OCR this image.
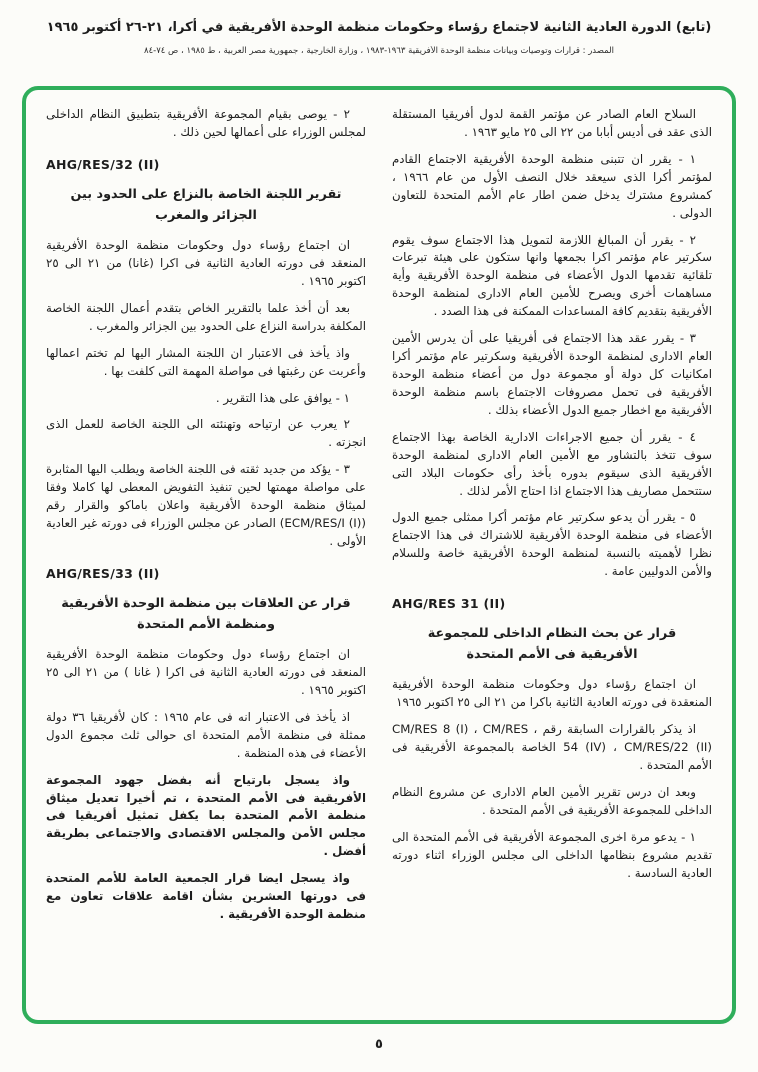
(تابع) الدورة العادية الثانية لاجتماع رؤساء وحكومات منظمة الوحدة الأفريقية في أكرا، ٢١-٢٦ أكتوبر ١٩٦٥
المصدر : قرارات وتوصيات وبيانات منظمة الوحدة الأفريقية ١٩٦٣-١٩٨٣ ، وزارة الخارجية ، جمهورية مصر العربية ، ط ١٩٨٥ ، ص ٧٤-٨٤

السلاح العام الصادر عن مؤتمر القمة لدول أفريقيا المستقلة الذى عقد فى أديس أبابا من ٢٢ الى ٢٥ مايو ١٩٦٣ .

١ - يقرر ان تتبنى منظمة الوحدة الأفريقية الاجتماع القادم لمؤتمر أكرا الذى سيعقد خلال النصف الأول من عام ١٩٦٦ ، كمشروع مشترك يدخل ضمن اطار عام الأمم المتحدة للتعاون الدولى .

٢ - يقرر أن المبالغ اللازمة لتمويل هذا الاجتماع سوف يقوم سكرتير عام مؤتمر اكرا بجمعها وانها ستكون على هيئة تبرعات تلقائية تقدمها الدول الأعضاء فى منظمة الوحدة الأفريقية وأية مساهمات أخرى ويصرح للأمين العام الادارى لمنظمة الوحدة الأفريقية بتقديم كافة المساعدات الممكنة فى هذا الصدد .

٣ - يقرر عقد هذا الاجتماع فى أفريقيا على أن يدرس الأمين العام الادارى لمنظمة الوحدة الأفريقية وسكرتير عام مؤتمر أكرا امكانيات كل دولة أو مجموعة دول من أعضاء منظمة الوحدة الأفريقية فى تحمل مصروفات الاجتماع باسم منظمة الوحدة الأفريقية مع اخطار جميع الدول الأعضاء بذلك .

٤ - يقرر أن جميع الاجراءات الادارية الخاصة بهذا الاجتماع سوف تتخذ بالتشاور مع الأمين العام الادارى لمنظمة الوحدة الأفريقية الذى سيقوم بدوره بأخذ رأى حكومات البلاد التى ستتحمل مصاريف هذا الاجتماع اذا احتاج الأمر لذلك .

٥ - يقرر أن يدعو سكرتير عام مؤتمر أكرا ممثلى جميع الدول الأعضاء فى منظمة الوحدة الأفريقية للاشتراك فى هذا الاجتماع نظرا لأهميته بالنسبة لمنظمة الوحدة الأفريقية خاصة وللسلام والأمن الدوليين عامة .

AHG/RES 31 (II)
قرار عن بحث النظام الداخلى للمجموعة الأفريقية فى الأمم المتحدة

ان اجتماع رؤساء دول وحكومات منظمة الوحدة الأفريقية المنعقدة فى دورته العادية الثانية باكرا من ٢١ الى ٢٥ اكتوبر ١٩٦٥

اذ يذكر بالقرارات السابقة رقم ، CM/RES 8 (I) ، CM/RES 54 (IV) ، CM/RES/22 (II) الخاصة بالمجموعة الأفريقية فى الأمم المتحدة .

وبعد ان درس تقرير الأمين العام الادارى عن مشروع النظام الداخلى للمجموعة الأفريقية فى الأمم المتحدة .

١ - يدعو مرة اخرى المجموعة الأفريقية فى الأمم المتحدة الى تقديم مشروع بنظامها الداخلى الى مجلس الوزراء اثناء دورته العادية السادسة .

٢ - يوصى بقيام المجموعة الأفريقية بتطبيق النظام الداخلى لمجلس الوزراء على أعمالها لحين ذلك .

AHG/RES/32 (II)
تقرير اللجنة الخاصة بالنزاع على الحدود بين الجزائر والمغرب

ان اجتماع رؤساء دول وحكومات منظمة الوحدة الأفريقية المنعقد فى دورته العادية الثانية فى اكرا (غانا) من ٢١ الى ٢٥ اكتوبر ١٩٦٥ .

بعد أن أخذ علما بالتقرير الخاص بتقدم أعمال اللجنة الخاصة المكلفة بدراسة النزاع على الحدود بين الجزائر والمغرب .

واذ يأخذ فى الاعتبار ان اللجنة المشار اليها لم تختم اعمالها وأعربت عن رغبتها فى مواصلة المهمة التى كلفت بها .

١ - يوافق على هذا التقرير .

٢ يعرب عن ارتياحه وتهنئته الى اللجنة الخاصة للعمل الذى انجزته .

٣ - يؤكد من جديد ثقته فى اللجنة الخاصة ويطلب اليها المثابرة على مواصلة مهمتها لحين تنفيذ التفويض المعطى لها كاملا وفقا لميثاق منظمة الوحدة الأفريقية واعلان باماكو والقرار رقم (ECM/RES/I (I)) الصادر عن مجلس الوزراء فى دورته غير العادية الأولى .

AHG/RES/33 (II)
قرار عن العلاقات بين منظمة الوحدة الأفريقية ومنظمة الأمم المتحدة

ان اجتماع رؤساء دول وحكومات منظمة الوحدة الأفريقية المنعقد فى دورته العادية الثانية فى اكرا ( غانا ) من ٢١ الى ٢٥ اكتوبر ١٩٦٥ .

اذ يأخذ فى الاعتبار انه فى عام ١٩٦٥ : كان لأفريقيا ٣٦ دولة ممثلة فى منظمة الأمم المتحدة اى حوالى ثلث مجموع الدول الأعضاء فى هذه المنظمة .

واذ يسجل بارتياح أنه بفضل جهود المجموعة الأفريقية فى الأمم المتحدة ، تم أخيرا تعديل ميثاق منظمة الأمم المتحدة بما يكفل تمثيل أفريقيا فى مجلس الأمن والمجلس الاقتصادى والاجتماعى بطريقة أفضل .

واذ يسجل ايضا قرار الجمعية العامة للأمم المتحدة فى دورتها العشرين بشأن اقامة علاقات تعاون مع منظمة الوحدة الأفريقية .

٥
